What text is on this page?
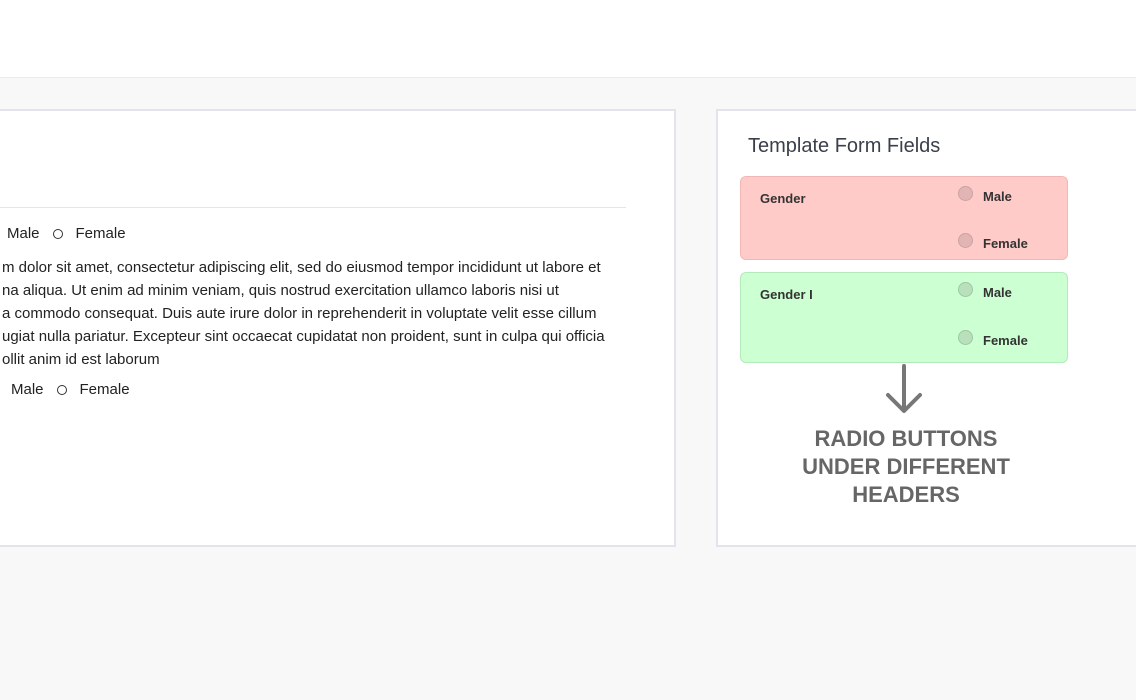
Male Female
m dolor sit amet, consectetur adipiscing elit, sed do eiusmod tempor incididunt ut labore et
na aliqua. Ut enim ad minim veniam, quis nostrud exercitation ullamco laboris nisi ut
a commodo consequat. Duis aute irure dolor in reprehenderit in voluptate velit esse cillum
ugiat nulla pariatur. Excepteur sint occaecat cupidatat non proident, sunt in culpa qui officia
ollit anim id est laborum
Male Female
Template Form Fields
Gender	Male
Female
Gender I	Male
Female
RADIO BUTTONS
UNDER DIFFERENT
HEADERS
